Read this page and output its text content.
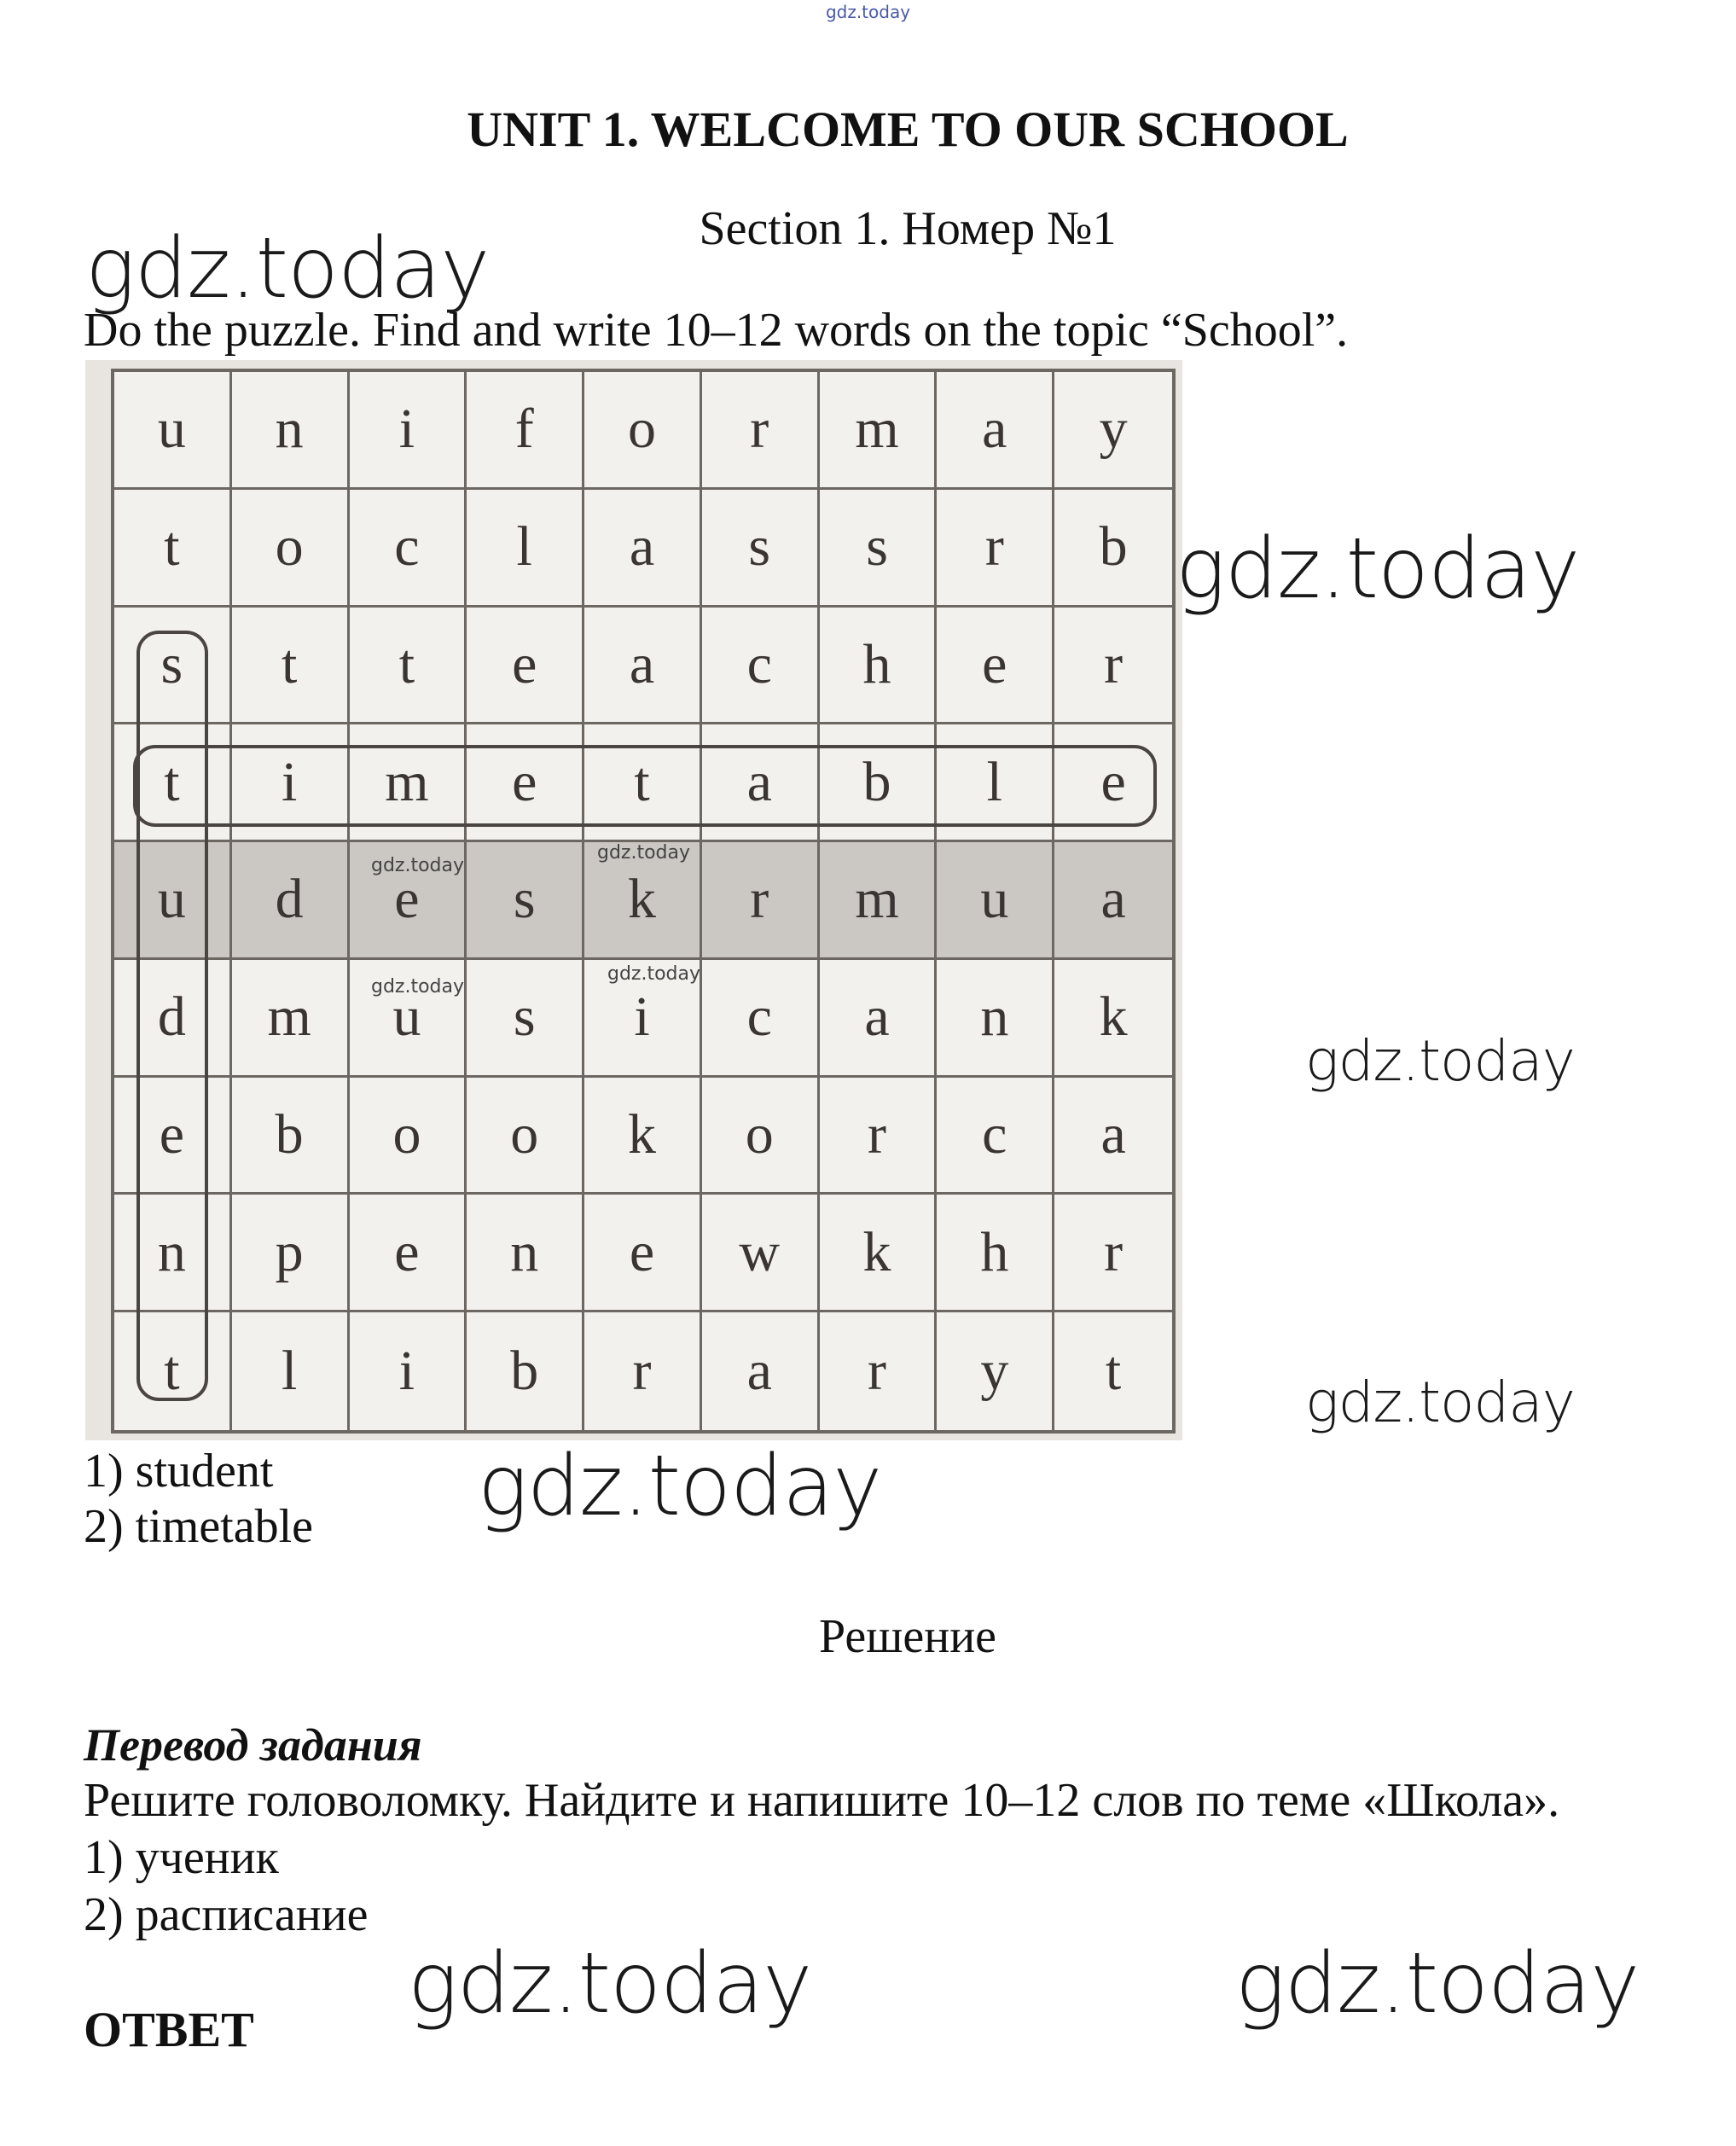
gdz.today
UNIT 1. WELCOME TO OUR SCHOOL
Section 1. Номер №1
gdz.today
Do the puzzle. Find and write 10–12 words on the topic “School”.
u	n	i	f	o	r	m	a	y
t	o	c	l	a	s	s	r	b
s	t	t	e	a	c	h	e	r
t	i	m	e	t	a	b	l	e
u	d	e	s	k	r	m	u	a
d	m	u	s	i	c	a	n	k
e	b	o	o	k	o	r	c	a
n	p	e	n	e	w	k	h	r
t	l	i	b	r	a	r	y	t
gdz.today
gdz.today
gdz.today
gdz.today
gdz.today
gdz.today
gdz.today
1) student
2) timetable gdz.today
Решение
Перевод задания
Решите головоломку. Найдите и напишите 10–12 слов по теме «Школа».
1) ученик
2) расписание
gdz.today	gdz.today
ОТВЕТ
